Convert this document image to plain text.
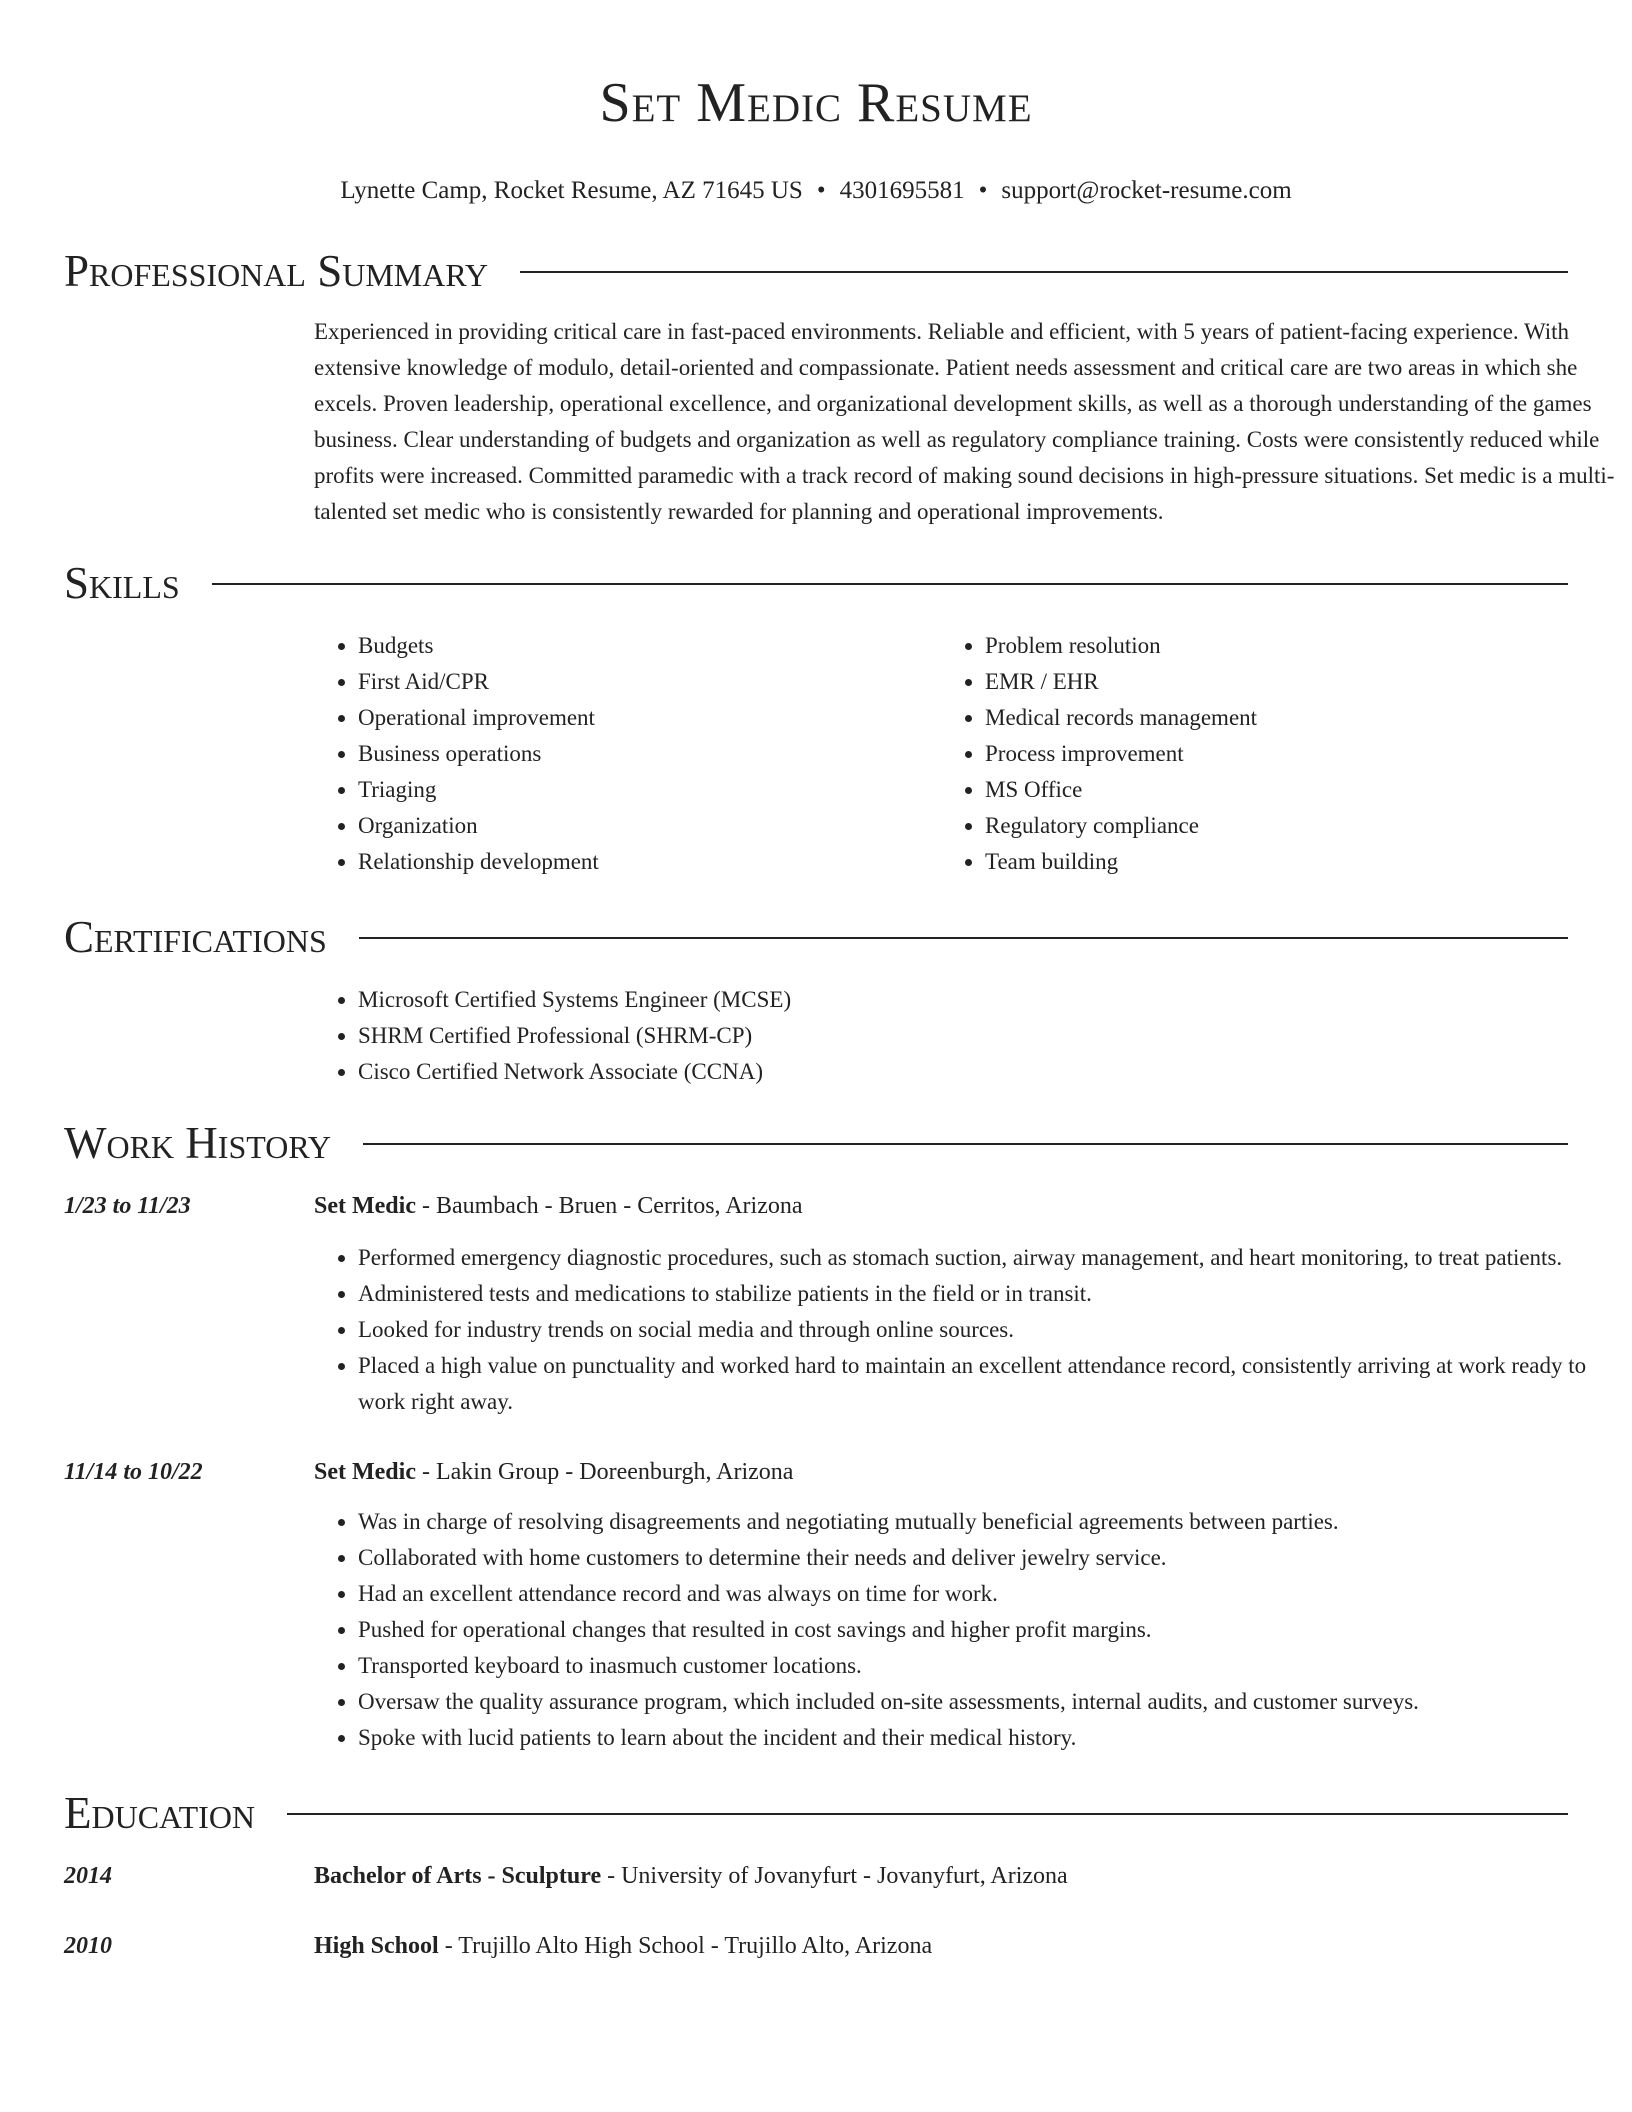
Set Medic Resume
Lynette Camp, Rocket Resume, AZ 71645 US • 4301695581 • support@rocket-resume.com
Professional Summary

Experienced in providing critical care in fast-paced environments. Reliable and efficient, with 5 years of patient-facing experience. With extensive knowledge of modulo, detail-oriented and compassionate. Patient needs assessment and critical care are two areas in which she excels. Proven leadership, operational excellence, and organizational development skills, as well as a thorough understanding of the games business. Clear understanding of budgets and organization as well as regulatory compliance training. Costs were consistently reduced while profits were increased. Committed paramedic with a track record of making sound decisions in high-pressure situations. Set medic is a multi-talented set medic who is consistently rewarded for planning and operational improvements.

Skills
• Budgets
• First Aid/CPR
• Operational improvement
• Business operations
• Triaging
• Organization
• Relationship development
• Problem resolution
• EMR / EHR
• Medical records management
• Process improvement
• MS Office
• Regulatory compliance
• Team building
Certifications
• Microsoft Certified Systems Engineer (MCSE)
• SHRM Certified Professional (SHRM-CP)
• Cisco Certified Network Associate (CCNA)
Work History
1/23 to 11/23	Set Medic - Baumbach - Bruen - Cerritos, Arizona
• Performed emergency diagnostic procedures, such as stomach suction, airway management, and heart monitoring, to treat patients.
• Administered tests and medications to stabilize patients in the field or in transit.
• Looked for industry trends on social media and through online sources.
• Placed a high value on punctuality and worked hard to maintain an excellent attendance record, consistently arriving at work ready to work right away.
11/14 to 10/22	Set Medic - Lakin Group - Doreenburgh, Arizona
• Was in charge of resolving disagreements and negotiating mutually beneficial agreements between parties.
• Collaborated with home customers to determine their needs and deliver jewelry service.
• Had an excellent attendance record and was always on time for work.
• Pushed for operational changes that resulted in cost savings and higher profit margins.
• Transported keyboard to inasmuch customer locations.
• Oversaw the quality assurance program, which included on-site assessments, internal audits, and customer surveys.
• Spoke with lucid patients to learn about the incident and their medical history.
Education
2014	Bachelor of Arts - Sculpture - University of Jovanyfurt - Jovanyfurt, Arizona
2010	High School - Trujillo Alto High School - Trujillo Alto, Arizona
